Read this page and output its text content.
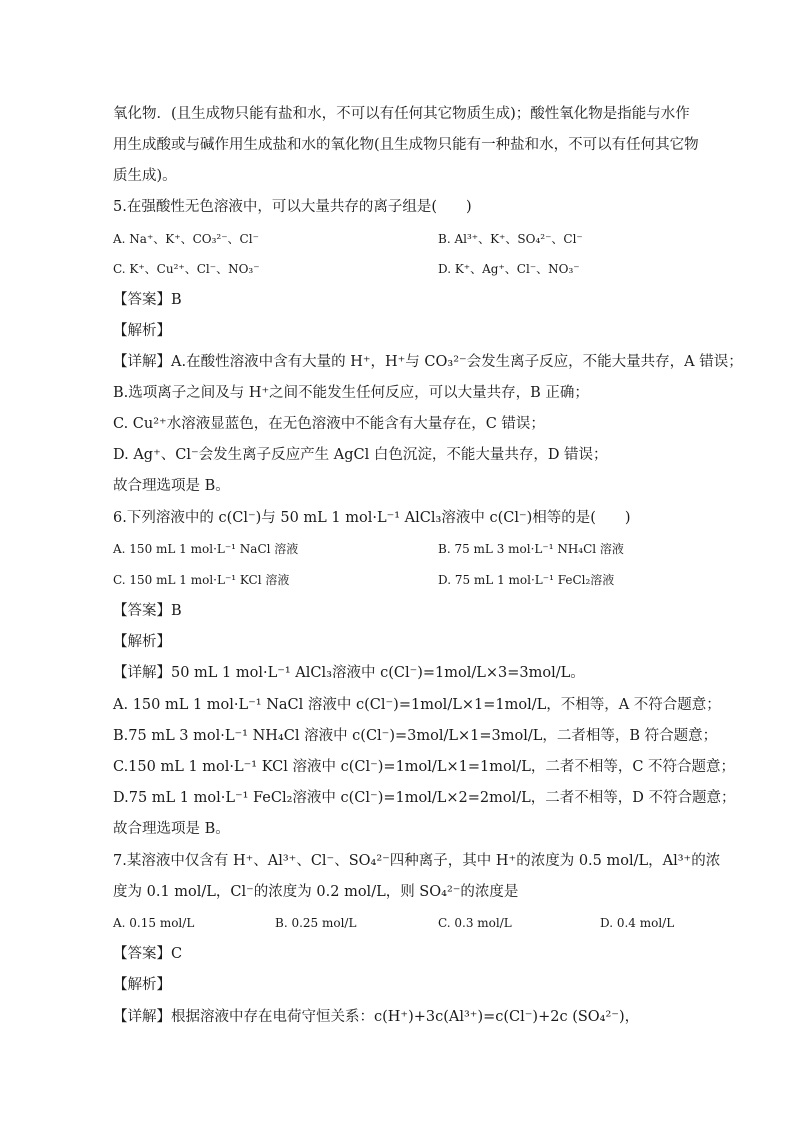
氧化物．(且生成物只能有盐和水，不可以有任何其它物质生成)；酸性氧化物是指能与水作
用生成酸或与碱作用生成盐和水的氧化物(且生成物只能有一种盐和水，不可以有任何其它物
质生成)。
5.在强酸性无色溶液中，可以大量共存的离子组是(　　)
A. Na⁺、K⁺、CO₃²⁻、Cl⁻	B. Al³⁺、K⁺、SO₄²⁻、Cl⁻
C. K⁺、Cu²⁺、Cl⁻、NO₃⁻	D. K⁺、Ag⁺、Cl⁻、NO₃⁻
【答案】B
【解析】
【详解】A.在酸性溶液中含有大量的 H⁺，H⁺与 CO₃²⁻会发生离子反应，不能大量共存，A 错误；
B.选项离子之间及与 H⁺之间不能发生任何反应，可以大量共存，B 正确；
C. Cu²⁺水溶液显蓝色，在无色溶液中不能含有大量存在，C 错误；
D. Ag⁺、Cl⁻会发生离子反应产生 AgCl 白色沉淀，不能大量共存，D 错误；
故合理选项是 B。
6.下列溶液中的 c(Cl⁻)与 50 mL 1 mol·L⁻¹ AlCl₃溶液中 c(Cl⁻)相等的是(　　)
A. 150 mL 1 mol·L⁻¹ NaCl 溶液	B. 75 mL 3 mol·L⁻¹ NH₄Cl 溶液
C. 150 mL 1 mol·L⁻¹ KCl 溶液	D. 75 mL 1 mol·L⁻¹ FeCl₂溶液
【答案】B
【解析】
【详解】50 mL 1 mol·L⁻¹ AlCl₃溶液中 c(Cl⁻)=1mol/L×3=3mol/L。
A. 150 mL 1 mol·L⁻¹ NaCl 溶液中 c(Cl⁻)=1mol/L×1=1mol/L，不相等，A 不符合题意；
B.75 mL 3 mol·L⁻¹ NH₄Cl 溶液中 c(Cl⁻)=3mol/L×1=3mol/L，二者相等，B 符合题意；
C.150 mL 1 mol·L⁻¹ KCl 溶液中 c(Cl⁻)=1mol/L×1=1mol/L，二者不相等，C 不符合题意；
D.75 mL 1 mol·L⁻¹ FeCl₂溶液中 c(Cl⁻)=1mol/L×2=2mol/L，二者不相等，D 不符合题意；
故合理选项是 B。
7.某溶液中仅含有 H⁺、Al³⁺、Cl⁻、SO₄²⁻四种离子，其中 H⁺的浓度为 0.5 mol/L，Al³⁺的浓
度为 0.1 mol/L，Cl⁻的浓度为 0.2 mol/L，则 SO₄²⁻的浓度是
A. 0.15 mol/L	B. 0.25 mol/L	C. 0.3 mol/L	D. 0.4 mol/L
【答案】C
【解析】
【详解】根据溶液中存在电荷守恒关系：c(H⁺)+3c(Al³⁺)=c(Cl⁻)+2c (SO₄²⁻)，
